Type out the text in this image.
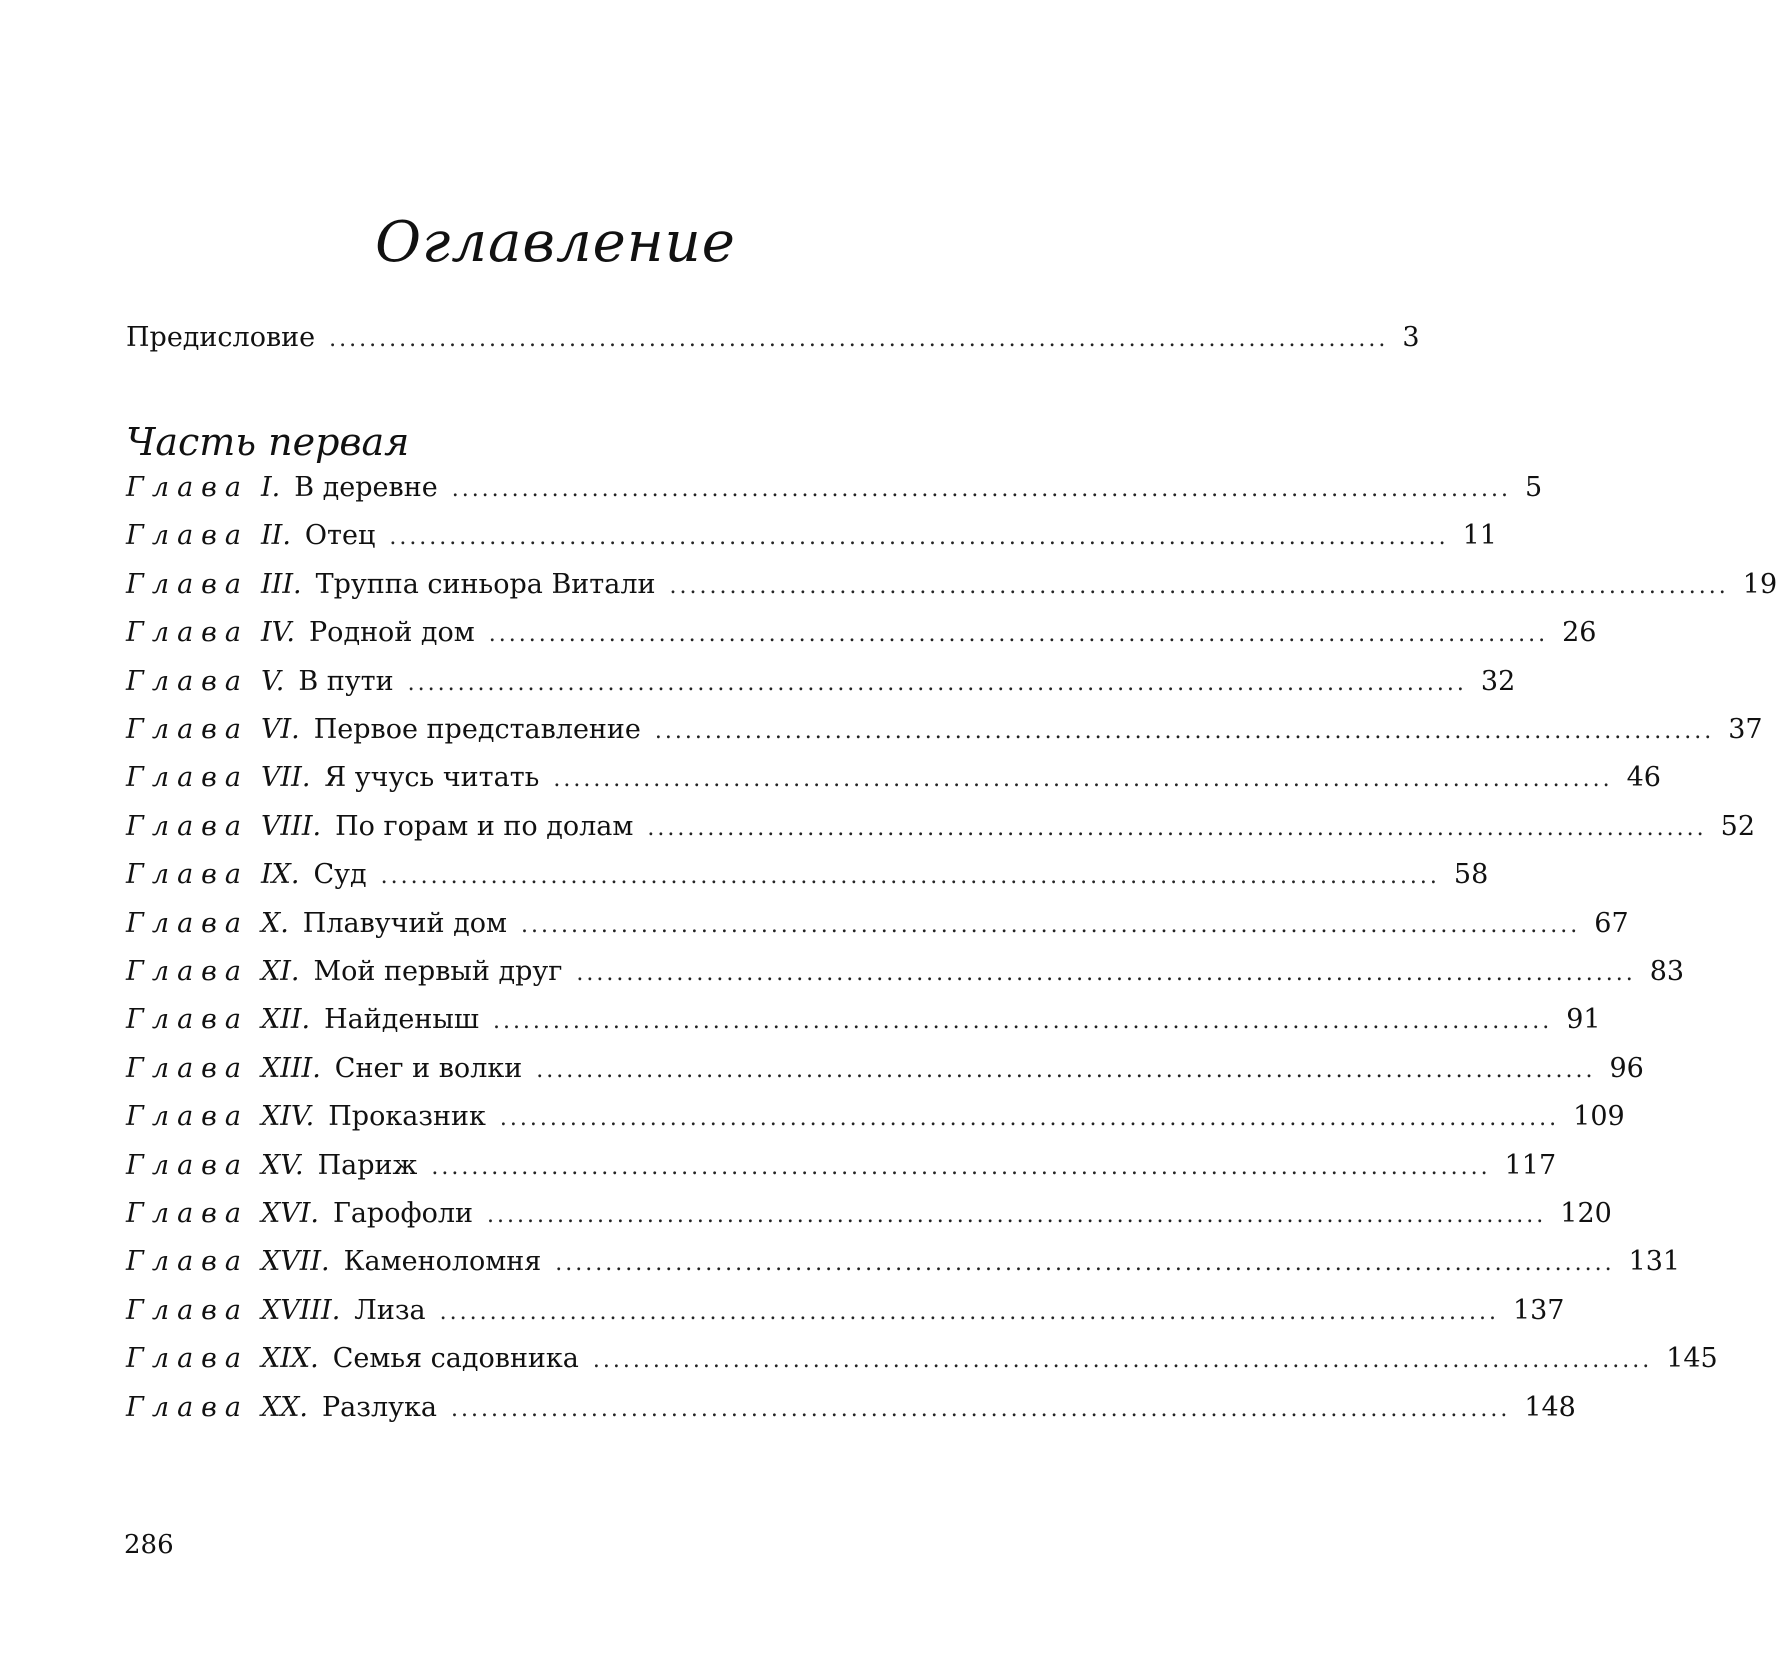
Оглавление
Предисловие .......................................................................................................... 3
Часть первая
Глава I. В деревне .......................................................................................................... 5
Глава II. Отец .......................................................................................................... 11
Глава III. Труппа синьора Витали .......................................................................................................... 19
Глава IV. Родной дом .......................................................................................................... 26
Глава V. В пути .......................................................................................................... 32
Глава VI. Первое представление .......................................................................................................... 37
Глава VII. Я учусь читать .......................................................................................................... 46
Глава VIII. По горам и по долам .......................................................................................................... 52
Глава IX. Суд .......................................................................................................... 58
Глава X. Плавучий дом .......................................................................................................... 67
Глава XI. Мой первый друг .......................................................................................................... 83
Глава XII. Найденыш .......................................................................................................... 91
Глава XIII. Снег и волки .......................................................................................................... 96
Глава XIV. Проказник .......................................................................................................... 109
Глава XV. Париж .......................................................................................................... 117
Глава XVI. Гарофоли .......................................................................................................... 120
Глава XVII. Каменоломня .......................................................................................................... 131
Глава XVIII. Лиза .......................................................................................................... 137
Глава XIX. Семья садовника .......................................................................................................... 145
Глава XX. Разлука .......................................................................................................... 148
286
